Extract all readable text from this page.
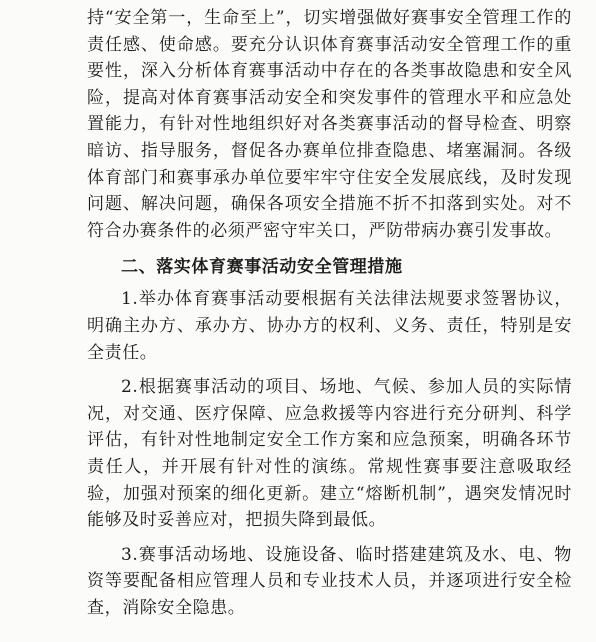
持“安全第一，生命至上”，切实增强做好赛事安全管理工作的责任感、使命感。要充分认识体育赛事活动安全管理工作的重要性，深入分析体育赛事活动中存在的各类事故隐患和安全风险，提高对体育赛事活动安全和突发事件的管理水平和应急处置能力，有针对性地组织好对各类赛事活动的督导检查、明察暗访、指导服务，督促各办赛单位排查隐患、堵塞漏洞。各级体育部门和赛事承办单位要牢牢守住安全发展底线，及时发现问题、解决问题，确保各项安全措施不折不扣落到实处。对不符合办赛条件的必须严密守牢关口，严防带病办赛引发事故。

二、落实体育赛事活动安全管理措施

1.举办体育赛事活动要根据有关法律法规要求签署协议，明确主办方、承办方、协办方的权利、义务、责任，特别是安全责任。

2.根据赛事活动的项目、场地、气候、参加人员的实际情况，对交通、医疗保障、应急救援等内容进行充分研判、科学评估，有针对性地制定安全工作方案和应急预案，明确各环节责任人，并开展有针对性的演练。常规性赛事要注意吸取经验，加强对预案的细化更新。建立“熔断机制”，遇突发情况时能够及时妥善应对，把损失降到最低。

3.赛事活动场地、设施设备、临时搭建建筑及水、电、物资等要配备相应管理人员和专业技术人员，并逐项进行安全检查，消除安全隐患。
